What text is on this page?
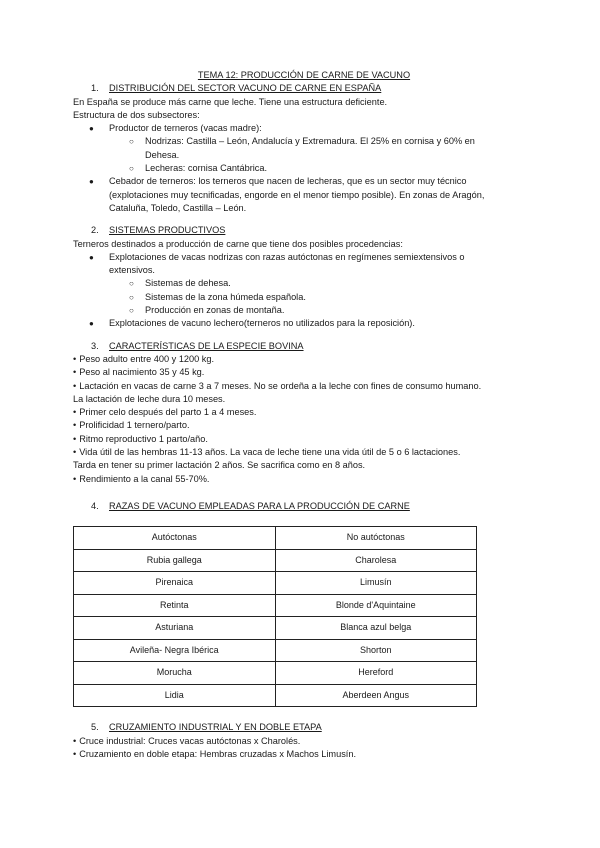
TEMA 12: PRODUCCIÓN DE CARNE DE VACUNO

1. DISTRIBUCIÓN DEL SECTOR VACUNO DE CARNE EN ESPAÑA

En España se produce más carne que leche. Tiene una estructura deficiente.

Estructura de dos subsectores:

● Productor de terneros (vacas madre):
○ Nodrizas: Castilla – León, Andalucía y Extremadura. El 25% en cornisa y 60% en
Dehesa.
○ Lecheras: cornisa Cantábrica.
● Cebador de terneros: los terneros que nacen de lecheras, que es un sector muy técnico
(explotaciones muy tecnificadas, engorde en el menor tiempo posible). En zonas de Aragón,
Cataluña, Toledo, Castilla – León.

2. SISTEMAS PRODUCTIVOS

Terneros destinados a producción de carne que tiene dos posibles procedencias:

● Explotaciones de vacas nodrizas con razas autóctonas en regímenes semiextensivos o
extensivos.
○ Sistemas de dehesa.
○ Sistemas de la zona húmeda española.
○ Producción en zonas de montaña.
● Explotaciones de vacuno lechero(terneros no utilizados para la reposición).

3. CARACTERÍSTICAS DE LA ESPECIE BOVINA

• Peso adulto entre 400 y 1200 kg.

• Peso al nacimiento 35 y 45 kg.

• Lactación en vacas de carne 3 a 7 meses. No se ordeña a la leche con fines de consumo humano.

La lactación de leche dura 10 meses.

• Primer celo después del parto 1 a 4 meses.

• Prolificidad 1 ternero/parto.

• Ritmo reproductivo 1 parto/año.

• Vida útil de las hembras 11-13 años. La vaca de leche tiene una vida útil de 5 o 6 lactaciones.

Tarda en tener su primer lactación 2 años. Se sacrifica como en 8 años.

• Rendimiento a la canal 55-70%.

4. RAZAS DE VACUNO EMPLEADAS PARA LA PRODUCCIÓN DE CARNE

Autóctonas	No autóctonas
Rubia gallega	Charolesa
Pirenaica	Limusín
Retinta	Blonde d'Aquintaine
Asturiana	Blanca azul belga
Avileña- Negra Ibérica	Shorton
Morucha	Hereford
Lidia	Aberdeen Angus

5. CRUZAMIENTO INDUSTRIAL Y EN DOBLE ETAPA

• Cruce industrial: Cruces vacas autóctonas x Charolés.

• Cruzamiento en doble etapa: Hembras cruzadas x Machos Limusín.
